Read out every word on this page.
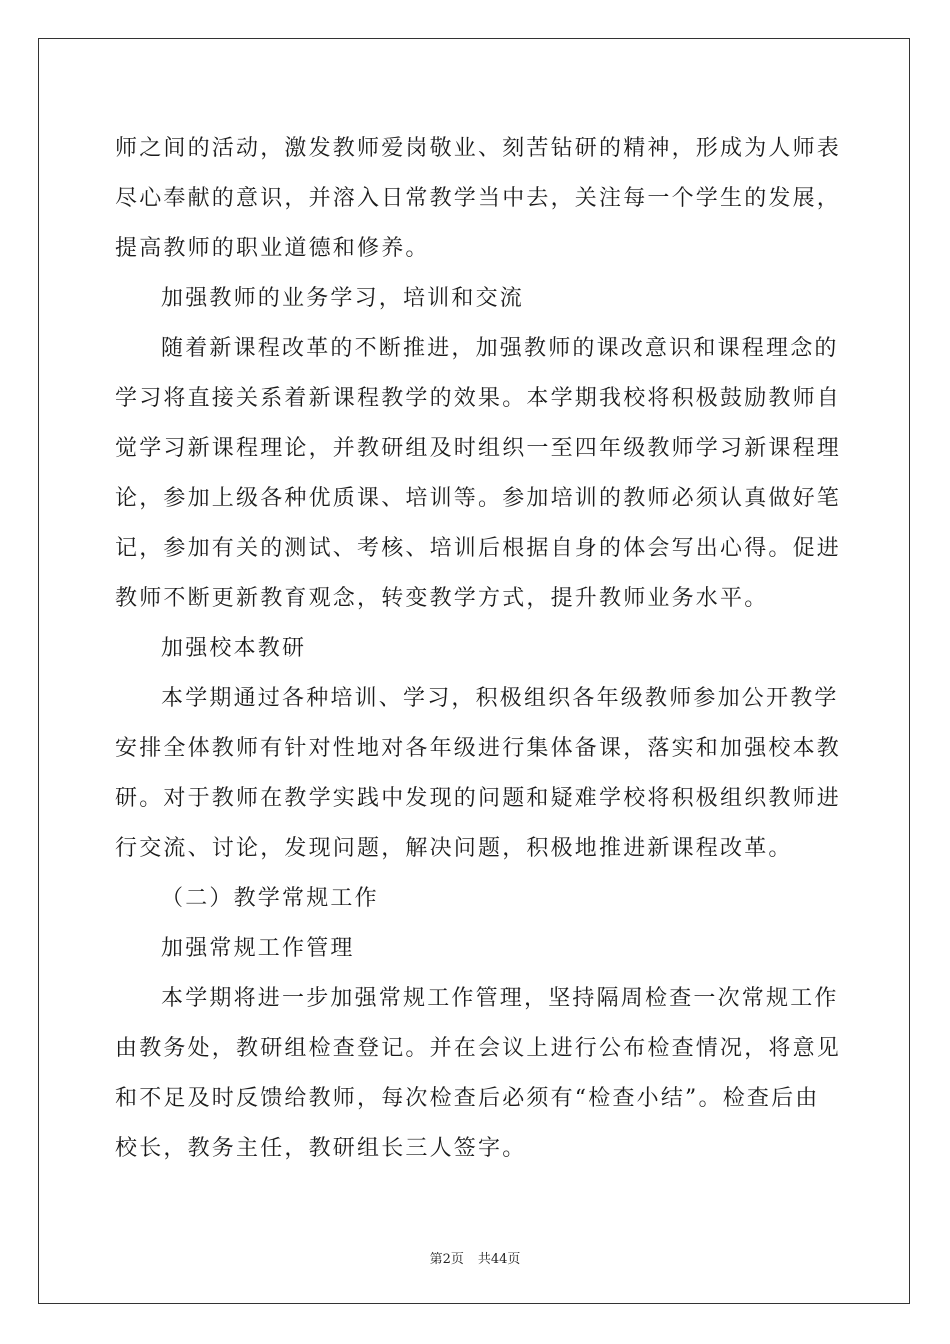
师之间的活动，激发教师爱岗敬业、刻苦钻研的精神，形成为人师表
尽心奉献的意识，并溶入日常教学当中去，关注每一个学生的发展，
提高教师的职业道德和修养。
加强教师的业务学习，培训和交流
随着新课程改革的不断推进，加强教师的课改意识和课程理念的
学习将直接关系着新课程教学的效果。本学期我校将积极鼓励教师自
觉学习新课程理论，并教研组及时组织一至四年级教师学习新课程理
论，参加上级各种优质课、培训等。参加培训的教师必须认真做好笔
记，参加有关的测试、考核、培训后根据自身的体会写出心得。促进
教师不断更新教育观念，转变教学方式，提升教师业务水平。
加强校本教研
本学期通过各种培训、学习，积极组织各年级教师参加公开教学
安排全体教师有针对性地对各年级进行集体备课，落实和加强校本教
研。对于教师在教学实践中发现的问题和疑难学校将积极组织教师进
行交流、讨论，发现问题，解决问题，积极地推进新课程改革。
（二）教学常规工作
加强常规工作管理
本学期将进一步加强常规工作管理，坚持隔周检查一次常规工作
由教务处，教研组检查登记。并在会议上进行公布检查情况，将意见
和不足及时反馈给教师，每次检查后必须有“检查小结”。检查后由
校长，教务主任，教研组长三人签字。
第2页 共44页
